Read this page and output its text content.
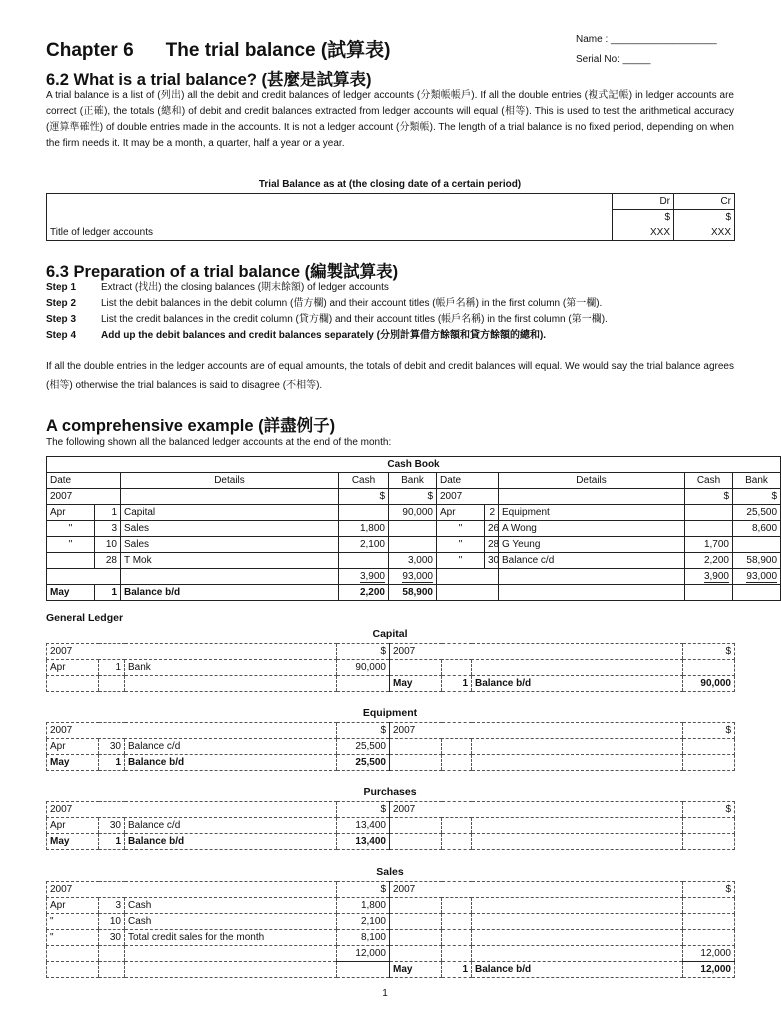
Name : ___________________
Serial No: _____
Chapter 6 The trial balance (試算表)
6.2 What is a trial balance? (甚麼是試算表)
A trial balance is a list of (列出) all the debit and credit balances of ledger accounts (分類帳帳戶). If all the double entries (複式記帳) in ledger accounts are correct (正確), the totals (總和) of debit and credit balances extracted from ledger accounts will equal (相等). This is used to test the arithmetical accuracy (運算準確性) of double entries made in the accounts. It is not a ledger account (分類帳). The length of a trial balance is no fixed period, depending on when the firm needs it. It may be a month, a quarter, half a year or a year.
Trial Balance as at (the closing date of a certain period)
	Dr	Cr
	$	$
Title of ledger accounts	XXX	XXX
6.3 Preparation of a trial balance (編製試算表)
Step 1	Extract (找出) the closing balances (期末餘額) of ledger accounts
Step 2	List the debit balances in the debit column (借方欄) and their account titles (帳戶名稱) in the first column (第一欄).
Step 3	List the credit balances in the credit column (貸方欄) and their account titles (帳戶名稱) in the first column (第一欄).
Step 4	Add up the debit balances and credit balances separately (分別計算借方餘額和貸方餘額的總和).
If all the double entries in the ledger accounts are of equal amounts, the totals of debit and credit balances will equal. We would say the trial balance agrees (相等) otherwise the trial balances is said to disagree (不相等).
A comprehensive example (詳盡例子)
The following shown all the balanced ledger accounts at the end of the month:
Cash Book									
Date		Details	Cash	Bank	Date		Details	Cash	Bank
2007			$	$	2007			$	$
Apr	1	Capital		90,000	Apr	2	Equipment		25,500
"	3	Sales	1,800		"	26	A Wong		8,600
"	10	Sales	2,100		"	28	G Yeung	1,700	
	28	T Mok		3,000	"	30	Balance c/d	2,200	58,900
			3,900	93,000				3,900	93,000
May	1	Balance b/d	2,200	58,900					
General Ledger
Capital
2007			$	2007			$
Apr	1	Bank	90,000				
				May	1	Balance b/d	90,000
Equipment
2007			$	2007			$
Apr	30	Balance c/d	25,500				
May	1	Balance b/d	25,500				
Purchases
2007			$	2007			$
Apr	30	Balance c/d	13,400				
May	1	Balance b/d	13,400				
Sales
2007			$	2007			$
Apr	3	Cash	1,800				
"	10	Cash	2,100				
"	30	Total credit sales for the month	8,100				
			12,000				12,000
				May	1	Balance b/d	12,000
1
